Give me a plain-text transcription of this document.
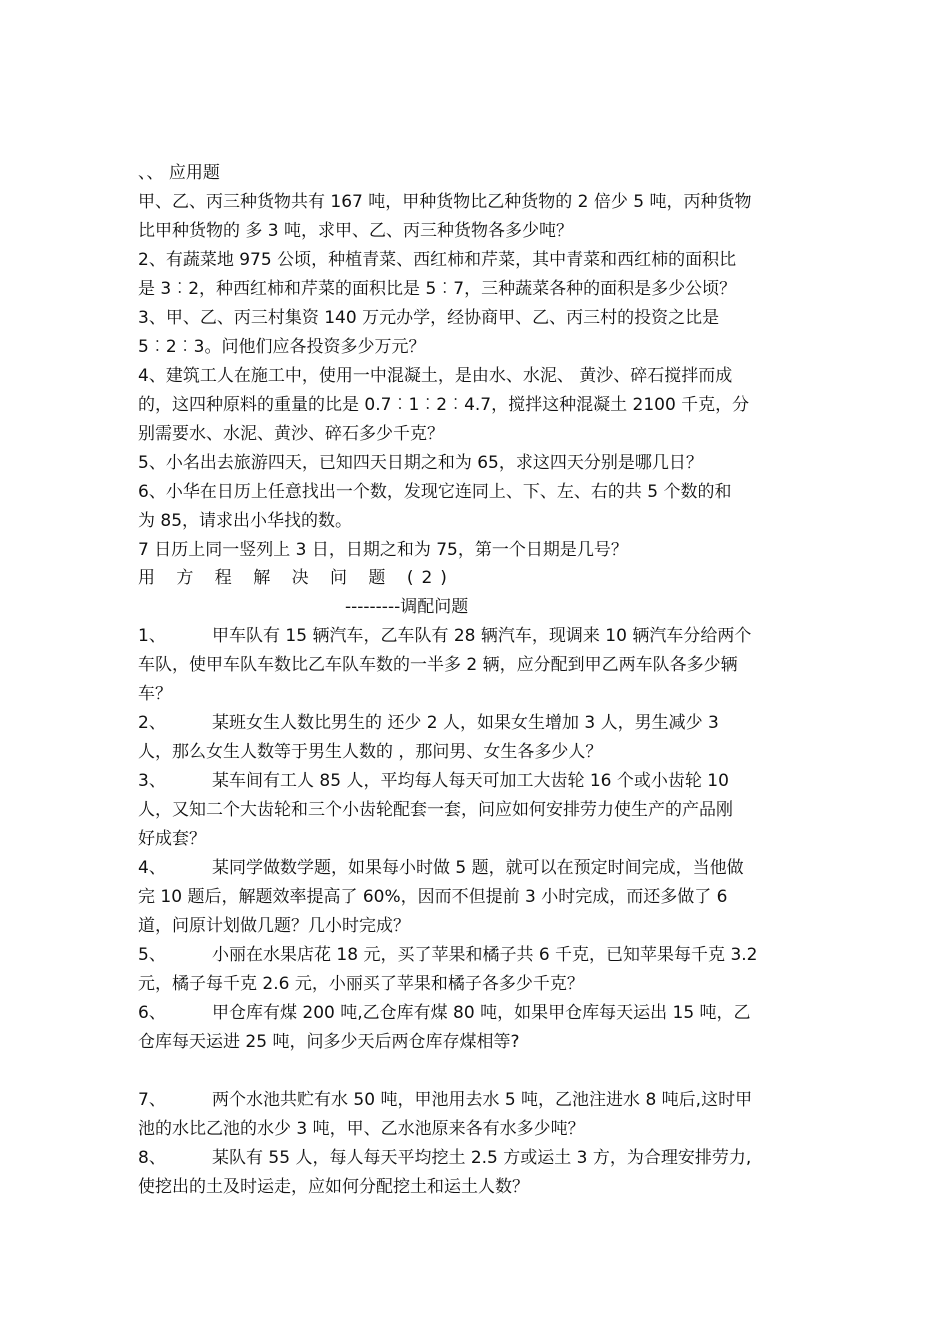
、、 应用题
甲、乙、丙三种货物共有 167 吨，甲种货物比乙种货物的 2 倍少 5 吨，丙种货物
比甲种货物的 多 3 吨，求甲、乙、丙三种货物各多少吨？
2、有蔬菜地 975 公顷，种植青菜、西红柿和芹菜，其中青菜和西红柿的面积比
是 3︰2，种西红柿和芹菜的面积比是 5︰7，三种蔬菜各种的面积是多少公顷？
3、甲、乙、丙三村集资 140 万元办学，经协商甲、乙、丙三村的投资之比是
5︰2︰3。问他们应各投资多少万元？
4、建筑工人在施工中，使用一中混凝土，是由水、水泥、 黄沙、碎石搅拌而成
的，这四种原料的重量的比是 0.7︰1︰2︰4.7，搅拌这种混凝土 2100 千克，分
别需要水、水泥、黄沙、碎石多少千克？
5、小名出去旅游四天，已知四天日期之和为 65，求这四天分别是哪几日？
6、小华在日历上任意找出一个数，发现它连同上、下、左、右的共 5 个数的和
为 85，请求出小华找的数。
7 日历上同一竖列上 3 日，日期之和为 75，第一个日期是几号？
用 方 程 解 决 问 题 (2)
---------调配问题
1、	甲车队有 15 辆汽车，乙车队有 28 辆汽车，现调来 10 辆汽车分给两个
车队，使甲车队车数比乙车队车数的一半多 2 辆，应分配到甲乙两车队各多少辆
车？
2、	某班女生人数比男生的 还少 2 人，如果女生增加 3 人，男生减少 3
人，那么女生人数等于男生人数的 ，那问男、女生各多少人？
3、	某车间有工人 85 人，平均每人每天可加工大齿轮 16 个或小齿轮 10
人，又知二个大齿轮和三个小齿轮配套一套，问应如何安排劳力使生产的产品刚
好成套？
4、	某同学做数学题，如果每小时做 5 题，就可以在预定时间完成，当他做
完 10 题后，解题效率提高了 60%，因而不但提前 3 小时完成，而还多做了 6
道，问原计划做几题？几小时完成？
5、	小丽在水果店花 18 元，买了苹果和橘子共 6 千克，已知苹果每千克 3.2
元，橘子每千克 2.6 元，小丽买了苹果和橘子各多少千克？
6、	甲仓库有煤 200 吨,乙仓库有煤 80 吨，如果甲仓库每天运出 15 吨，乙
仓库每天运进 25 吨，问多少天后两仓库存煤相等?
7、	两个水池共贮有水 50 吨，甲池用去水 5 吨，乙池注进水 8 吨后,这时甲
池的水比乙池的水少 3 吨，甲、乙水池原来各有水多少吨？
8、	某队有 55 人，每人每天平均挖土 2.5 方或运土 3 方，为合理安排劳力,
使挖出的土及时运走，应如何分配挖土和运土人数？
